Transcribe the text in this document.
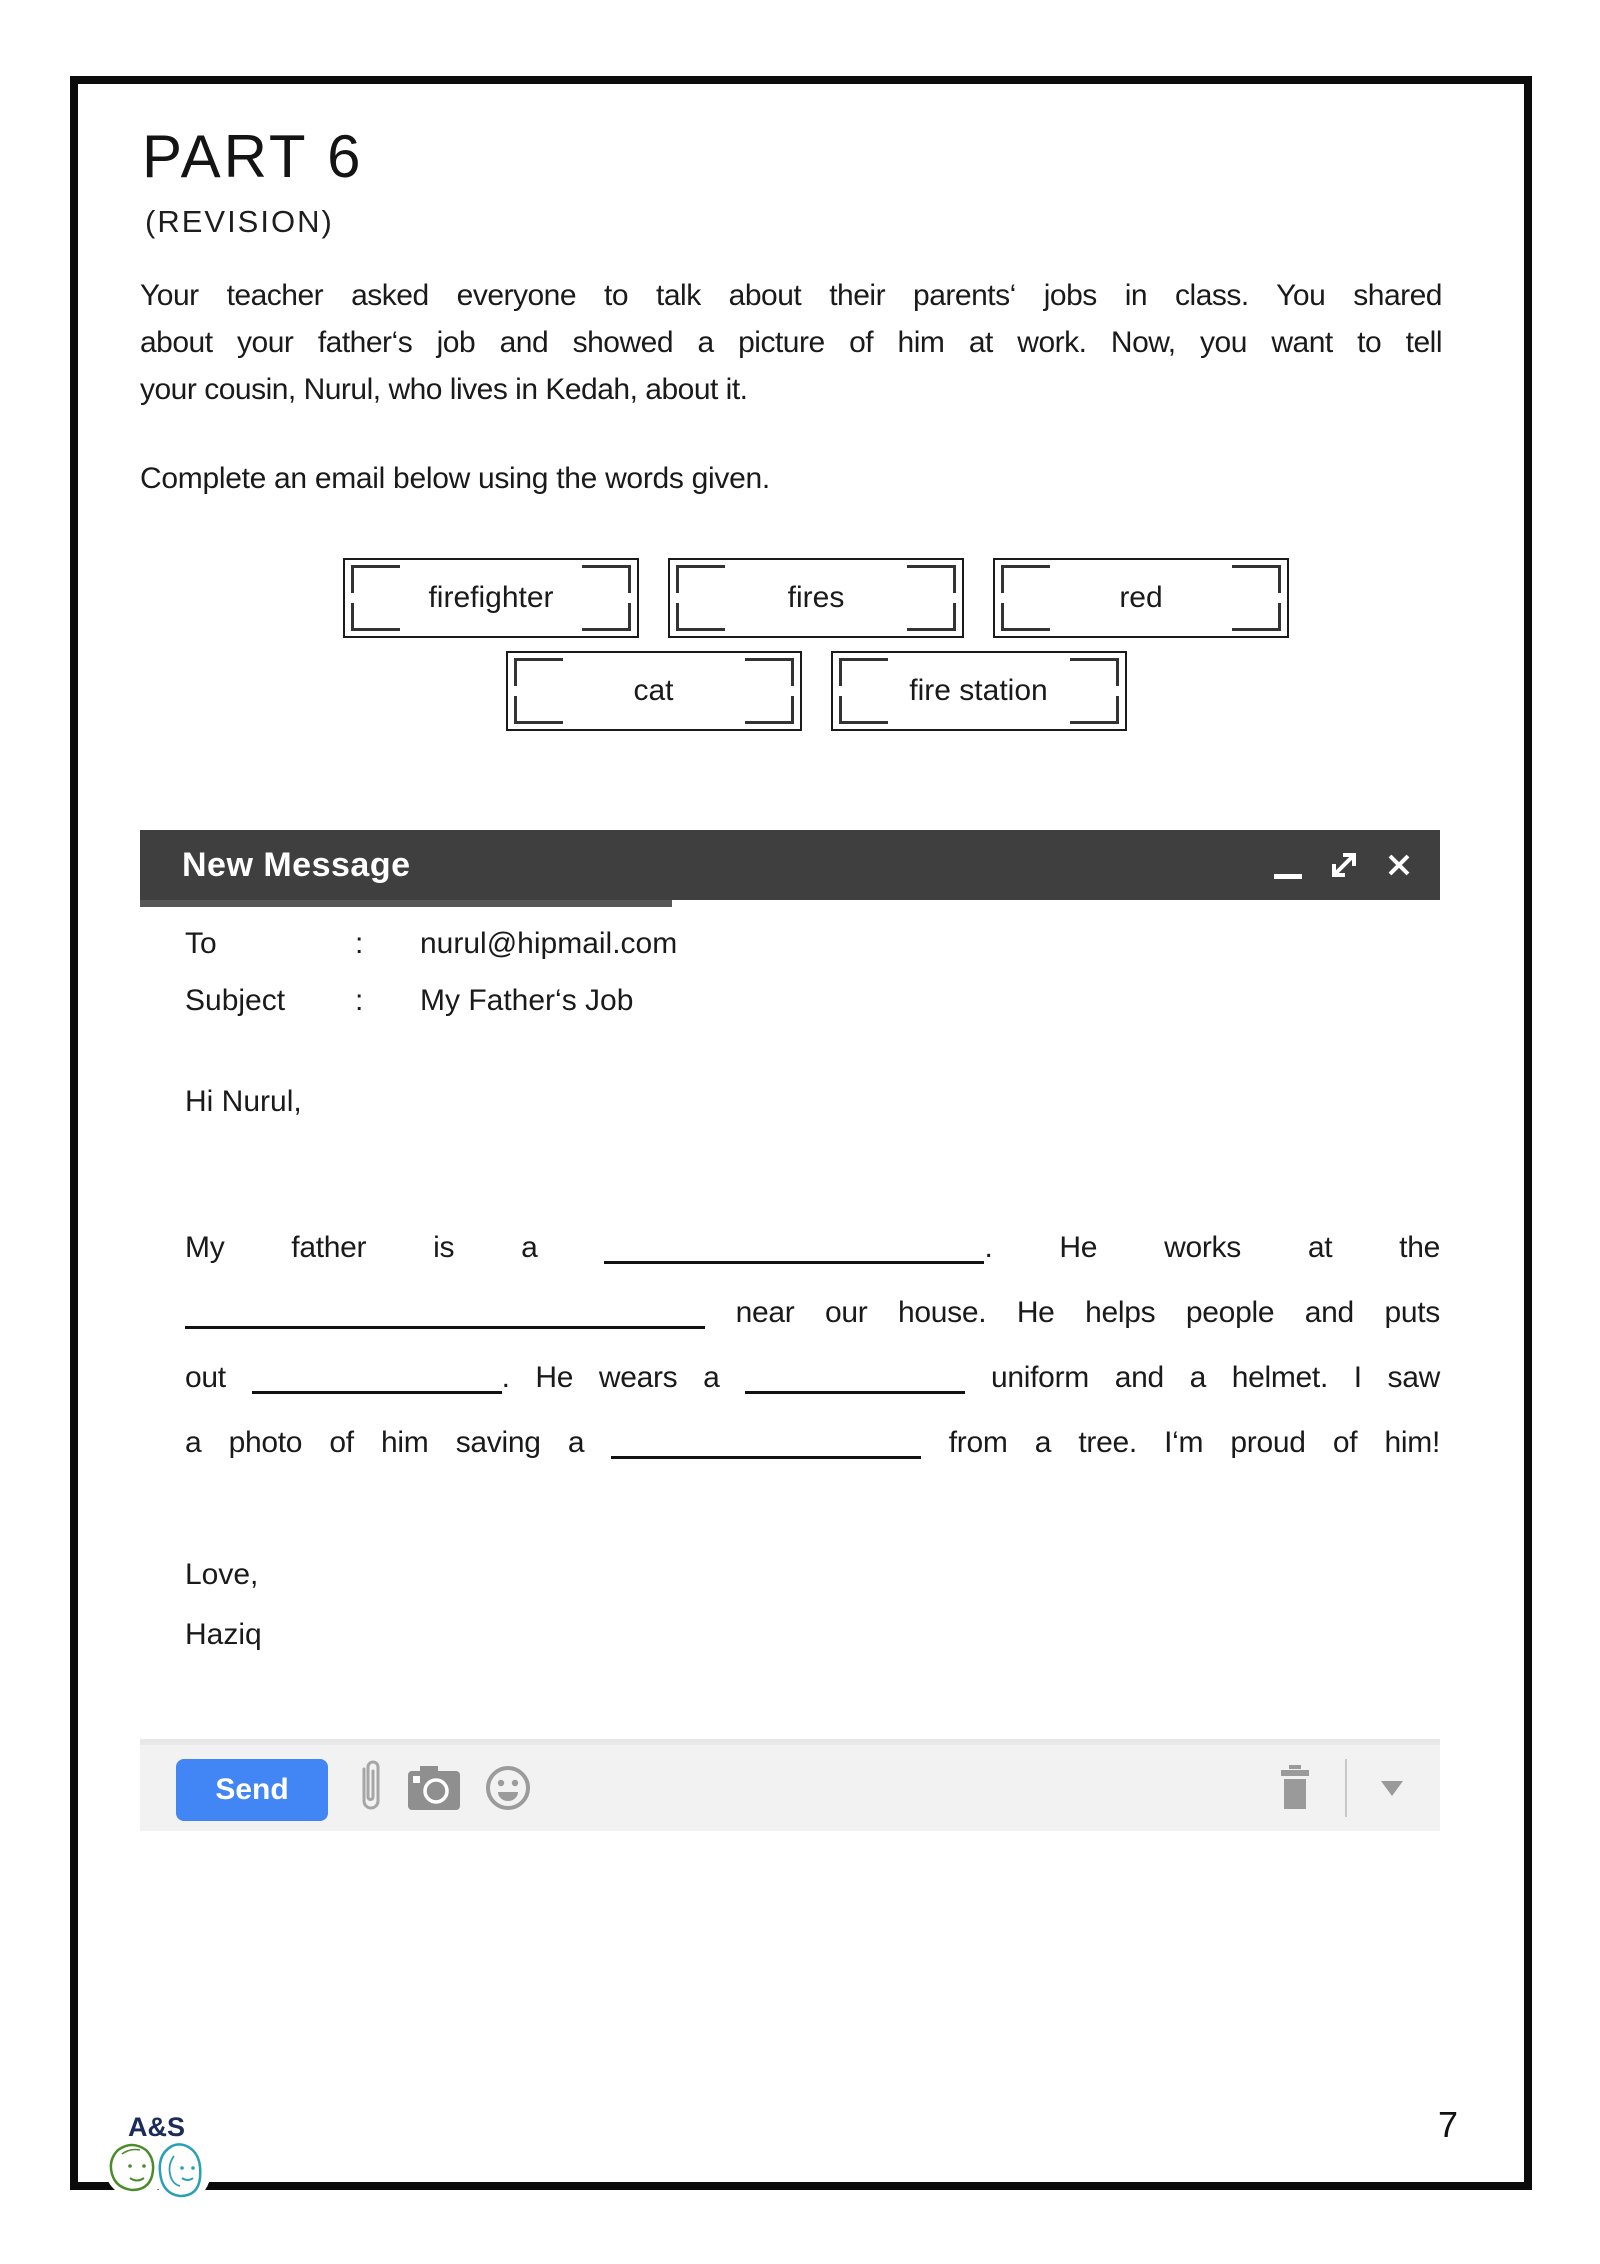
PART 6
(REVISION)
Your teacher asked everyone to talk about their parents‘ jobs in class. You shared
about your father‘s job and showed a picture of him at work. Now, you want to tell
your cousin, Nurul, who lives in Kedah, about it.
Complete an email below using the words given.
firefighter	fires	red
cat	fire station
New Message
To	:	nurul@hipmail.com
Subject	:	My Father‘s Job
Hi Nurul,
My father is a	. He works at the
near our house. He helps people and puts
out	. He wears a	uniform and a helmet. I saw
a photo of him saving a	from a tree. I‘m proud of him!
Love,
Haziq
Send
A&S	7
